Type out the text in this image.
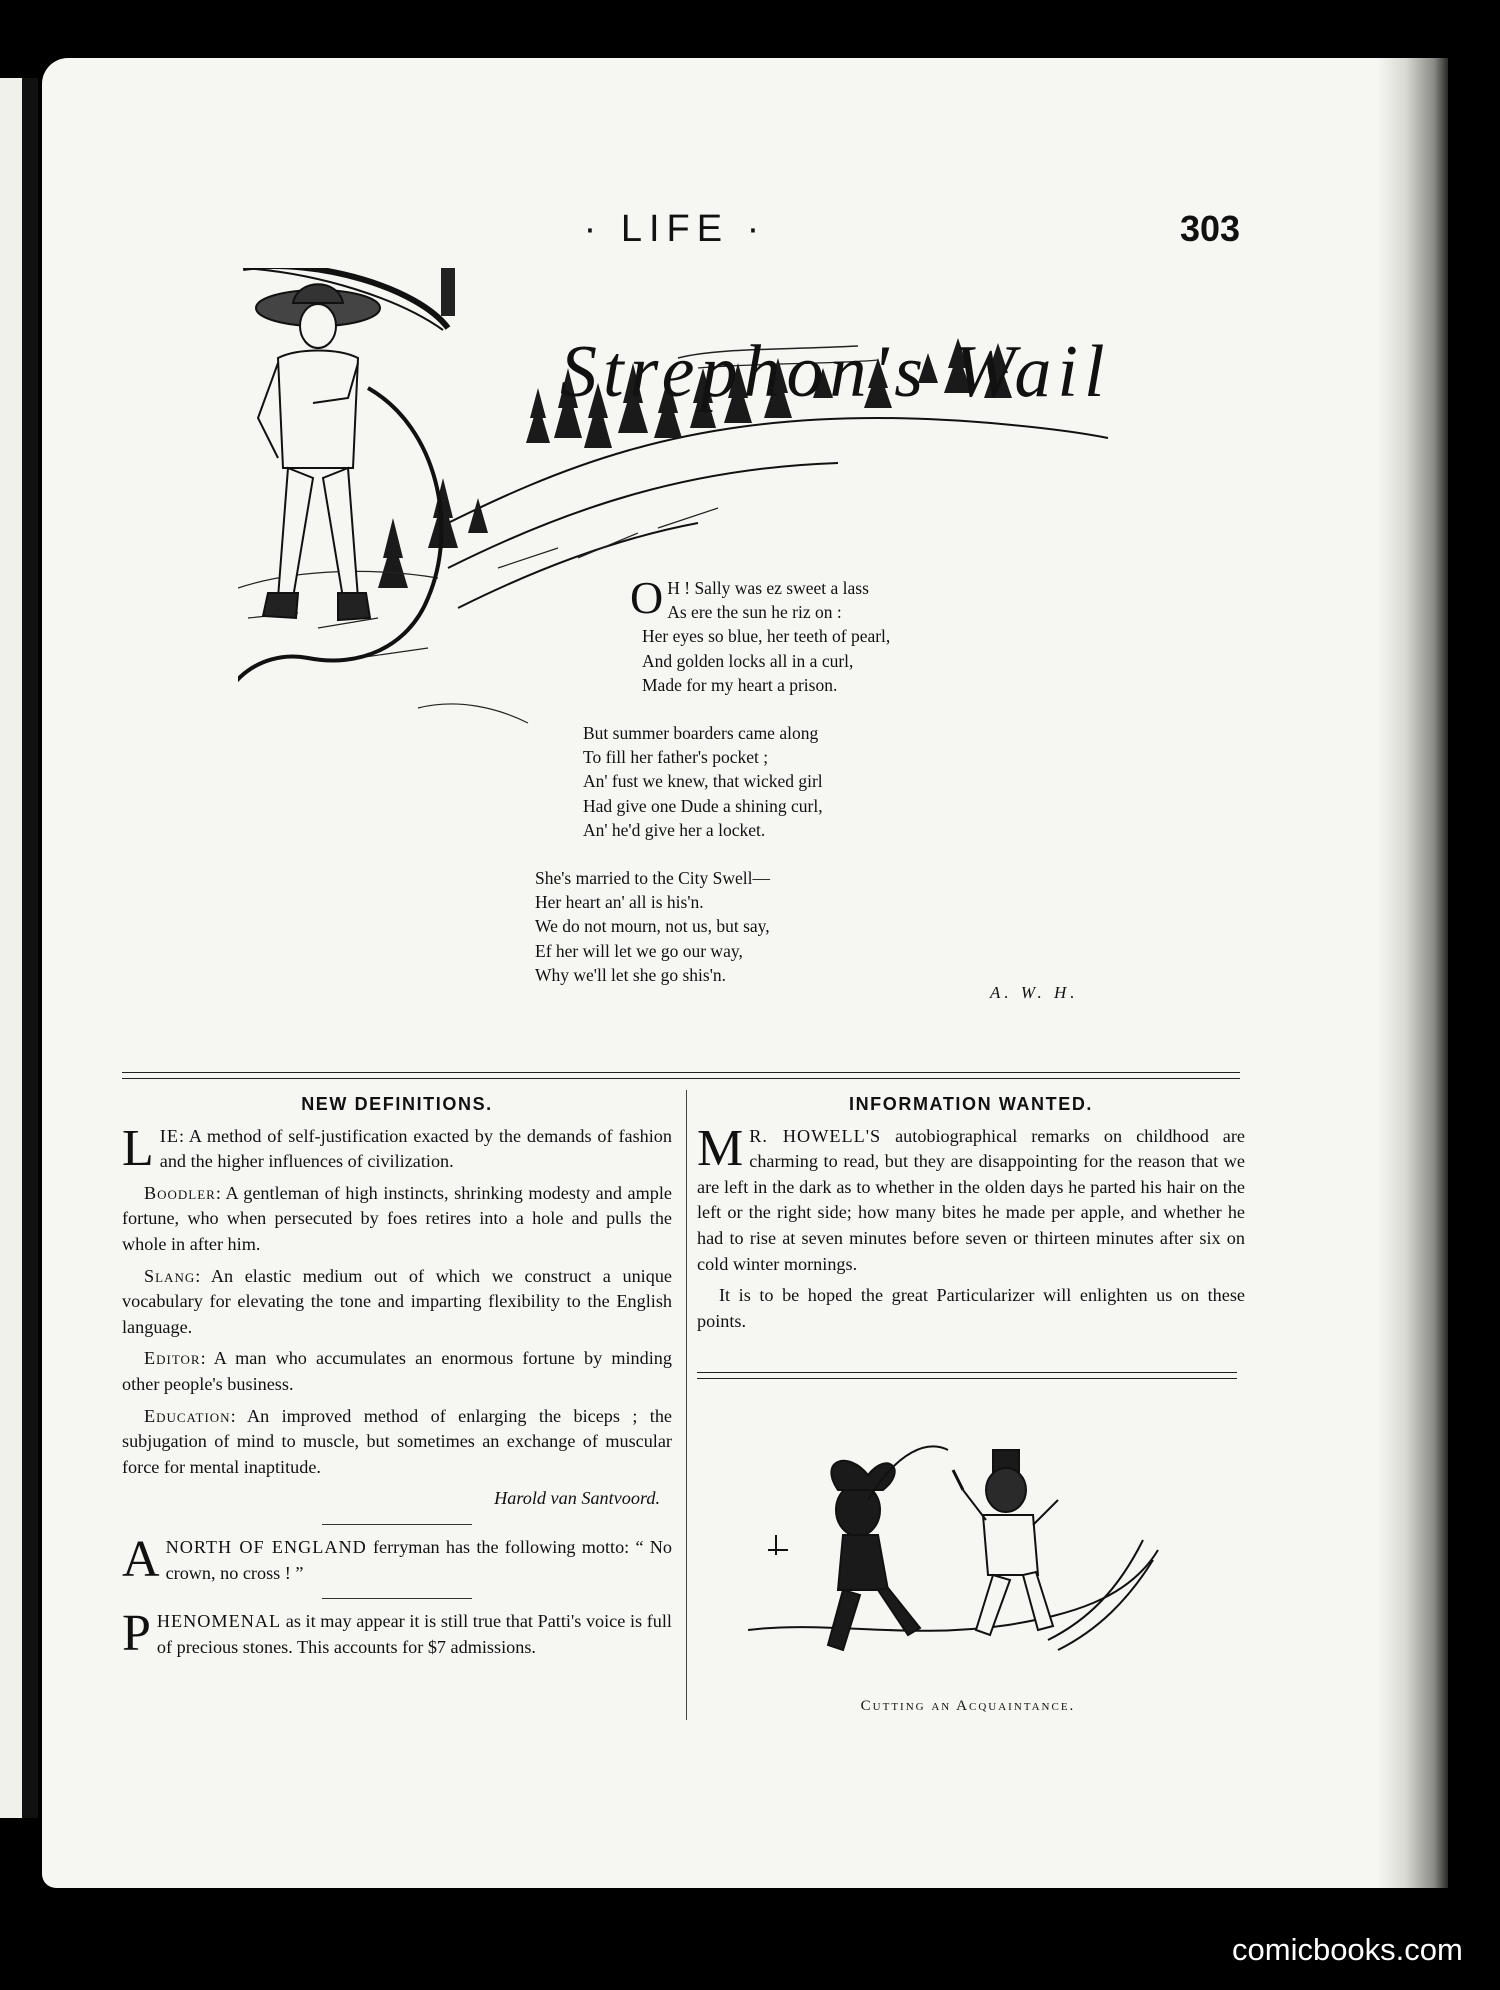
· LIFE ·	303
Strephon's Wail
O H ! Sally was ez sweet a lass
As ere the sun he riz on :
Her eyes so blue, her teeth of pearl,
And golden locks all in a curl,
Made for my heart a prison.
But summer boarders came along
To fill her father's pocket ;
An' fust we knew, that wicked girl
Had give one Dude a shining curl,
An' he'd give her a locket.
She's married to the City Swell—
Her heart an' all is his'n.
We do not mourn, not us, but say,
Ef her will let we go our way,
Why we'll let she go shis'n.
A. W. H.
NEW DEFINITIONS.

LIE: A method of self-justification exacted by the demands of fashion and the higher influences of civilization.

Boodler: A gentleman of high instincts, shrinking modesty and ample fortune, who when persecuted by foes retires into a hole and pulls the whole in after him.

Slang: An elastic medium out of which we construct a unique vocabulary for elevating the tone and imparting flexibility to the English language.

Editor: A man who accumulates an enormous fortune by minding other people's business.

Education: An improved method of enlarging the biceps ; the subjugation of mind to muscle, but sometimes an exchange of muscular force for mental inaptitude.

Harold van Santvoord.

ANORTH OF ENGLAND ferryman has the following motto: “ No crown, no cross ! ”

PHENOMENAL as it may appear it is still true that Patti's voice is full of precious stones. This accounts for $7 admissions.

INFORMATION WANTED.

M R. HOWELL'S autobiographical remarks on childhood are charming to read, but they are disappointing for the reason that we are left in the dark as to whether in the olden days he parted his hair on the left or the right side; how many bites he made per apple, and whether he had to rise at seven minutes before seven or thirteen minutes after six on cold winter mornings.

It is to be hoped the great Particularizer will enlighten us on these points.

Cutting an Acquaintance.
comicbooks.com
